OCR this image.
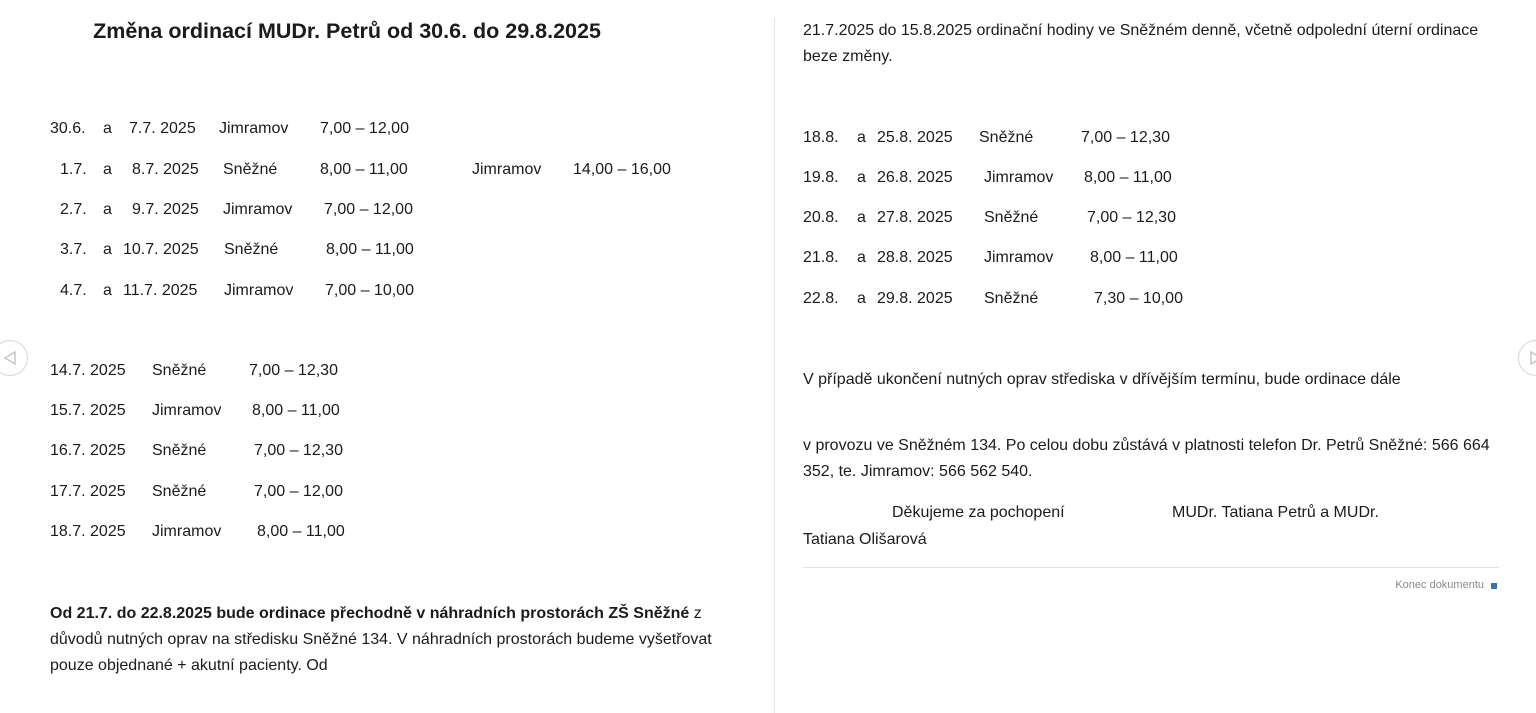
Změna ordinací MUDr. Petrů od 30.6. do 29.8.2025
30.6. a 7.7. 2025 Jimramov 7,00 – 12,00
1.7. a 8.7. 2025 Sněžné	8,00 – 11,00	Jimramov 14,00 – 16,00
2.7. a 9.7. 2025 Jimramov 7,00 – 12,00
3.7. a 10.7. 2025 Sněžné	8,00 – 11,00
4.7. a 11.7. 2025 Jimramov 7,00 – 10,00
14.7. 2025 Sněžné	7,00 – 12,30
15.7. 2025 Jimramov 8,00 – 11,00
16.7. 2025 Sněžné	7,00 – 12,30
17.7. 2025 Sněžné	7,00 – 12,00
18.7. 2025 Jimramov 8,00 – 11,00
Od 21.7. do 22.8.2025 bude ordinace přechodně v náhradních prostorách ZŠ Sněžné z důvodů nutných oprav na středisku Sněžné 134. V náhradních prostorách budeme vyšetřovat pouze objednané + akutní pacienty. Od
21.7.2025 do 15.8.2025 ordinační hodiny ve Sněžném denně, včetně odpolední úterní ordinace beze změny.
18.8. a 25.8. 2025 Sněžné	7,00 – 12,30
19.8. a 26.8. 2025 Jimramov 8,00 – 11,00
20.8. a 27.8. 2025 Sněžné	7,00 – 12,30
21.8. a 28.8. 2025 Jimramov 8,00 – 11,00
22.8. a 29.8. 2025 Sněžné	7,30 – 10,00
V případě ukončení nutných oprav střediska v dřívějším termínu, bude ordinace dále
v provozu ve Sněžném 134. Po celou dobu zůstává v platnosti telefon Dr. Petrů Sněžné: 566 664 352, te. Jimramov: 566 562 540.
Děkujeme za pochopení	MUDr. Tatiana Petrů a MUDr.
Tatiana Olišarová
Konec dokumentu
